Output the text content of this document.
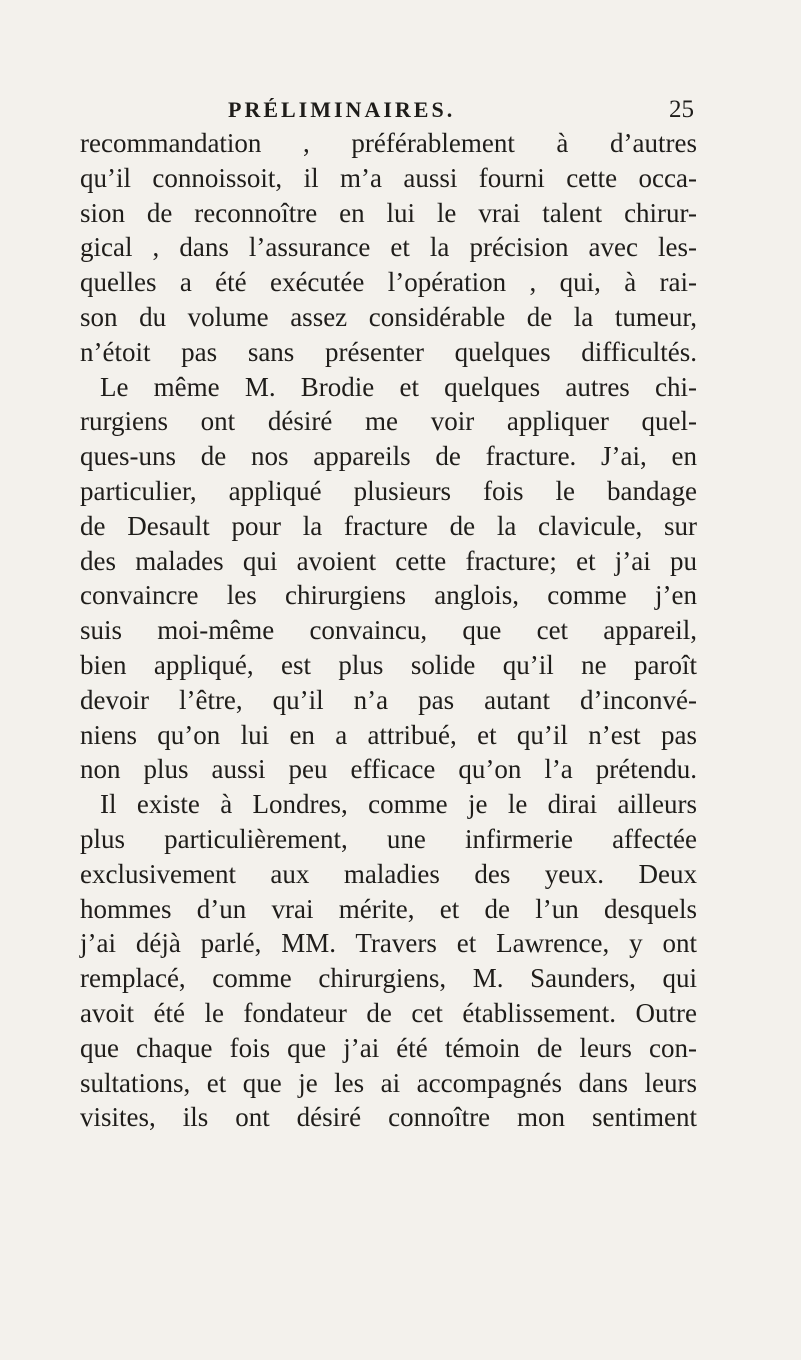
PRÉLIMINAIRES.	25
recommandation , préférablement à d’autres
qu’il connoissoit, il m’a aussi fourni cette occa-
sion de reconnoître en lui le vrai talent chirur-
gical , dans l’assurance et la précision avec les-
quelles a été exécutée l’opération , qui, à rai-
son du volume assez considérable de la tumeur,
n’étoit pas sans présenter quelques difficultés.
Le même M. Brodie et quelques autres chi-
rurgiens ont désiré me voir appliquer quel-
ques-uns de nos appareils de fracture. J’ai, en
particulier, appliqué plusieurs fois le bandage
de Desault pour la fracture de la clavicule, sur
des malades qui avoient cette fracture; et j’ai pu
convaincre les chirurgiens anglois, comme j’en
suis moi-même convaincu, que cet appareil,
bien appliqué, est plus solide qu’il ne paroît
devoir l’être, qu’il n’a pas autant d’inconvé-
niens qu’on lui en a attribué, et qu’il n’est pas
non plus aussi peu efficace qu’on l’a prétendu.
Il existe à Londres, comme je le dirai ailleurs
plus particulièrement, une infirmerie affectée
exclusivement aux maladies des yeux. Deux
hommes d’un vrai mérite, et de l’un desquels
j’ai déjà parlé, MM. Travers et Lawrence, y ont
remplacé, comme chirurgiens, M. Saunders, qui
avoit été le fondateur de cet établissement. Outre
que chaque fois que j’ai été témoin de leurs con-
sultations, et que je les ai accompagnés dans leurs
visites, ils ont désiré connoître mon sentiment
